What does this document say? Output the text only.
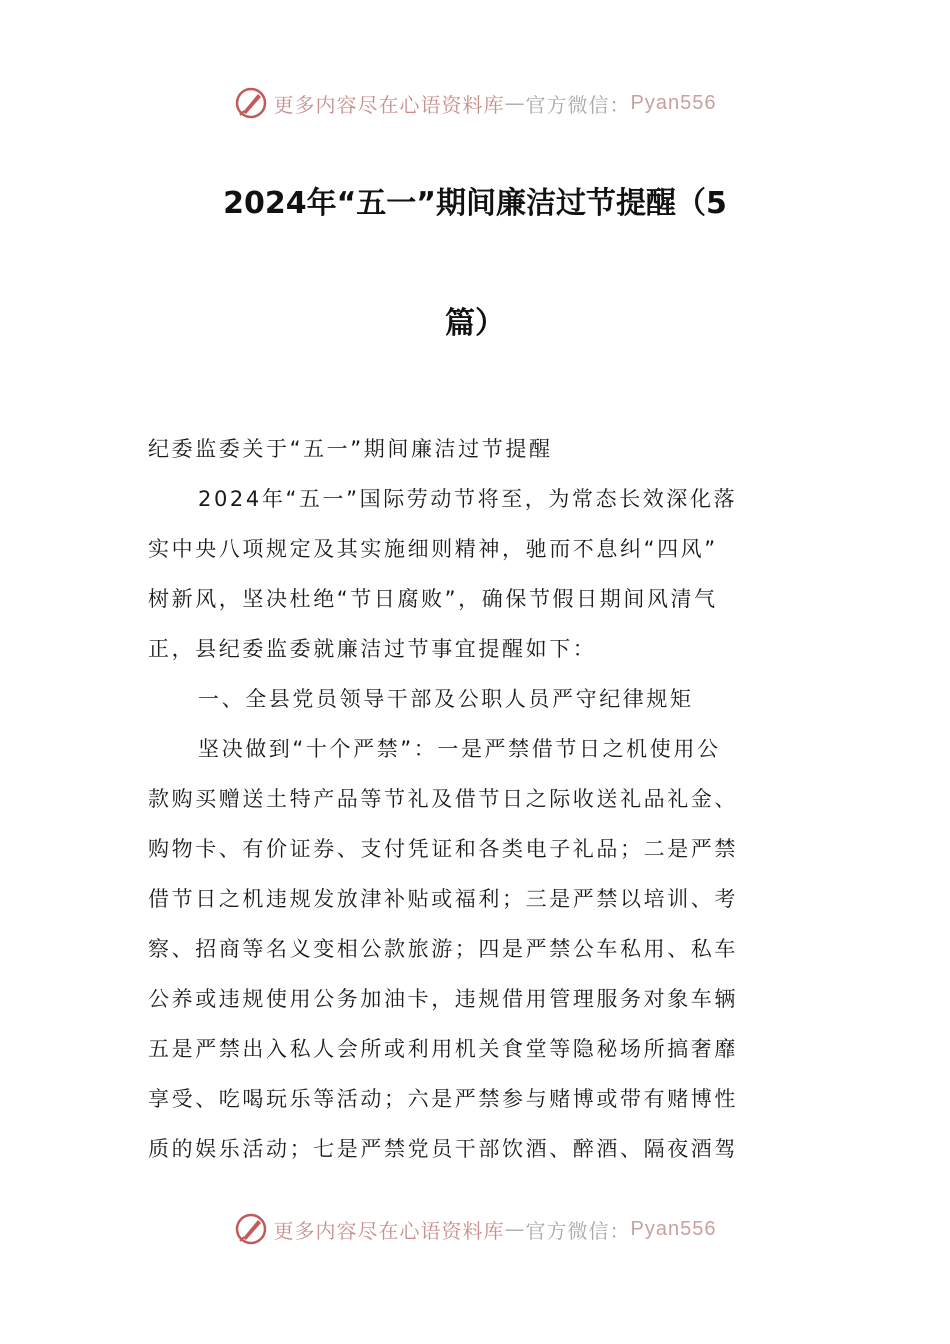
更多内容尽在心语资料库 — 官方微信： Pyan556
2024年“五一”期间廉洁过节提醒（5
篇）
纪委监委关于“五一”期间廉洁过节提醒
2024年“五一”国际劳动节将至，为常态长效深化落
实中央八项规定及其实施细则精神，驰而不息纠“四风”
树新风，坚决杜绝“节日腐败”，确保节假日期间风清气
正，县纪委监委就廉洁过节事宜提醒如下：
一、全县党员领导干部及公职人员严守纪律规矩
坚决做到“十个严禁”：一是严禁借节日之机使用公
款购买赠送土特产品等节礼及借节日之际收送礼品礼金、
购物卡、有价证券、支付凭证和各类电子礼品；二是严禁
借节日之机违规发放津补贴或福利；三是严禁以培训、考
察、招商等名义变相公款旅游；四是严禁公车私用、私车
公养或违规使用公务加油卡，违规借用管理服务对象车辆
五是严禁出入私人会所或利用机关食堂等隐秘场所搞奢靡
享受、吃喝玩乐等活动；六是严禁参与赌博或带有赌博性
质的娱乐活动；七是严禁党员干部饮酒、醉酒、隔夜酒驾
更多内容尽在心语资料库 — 官方微信： Pyan556
